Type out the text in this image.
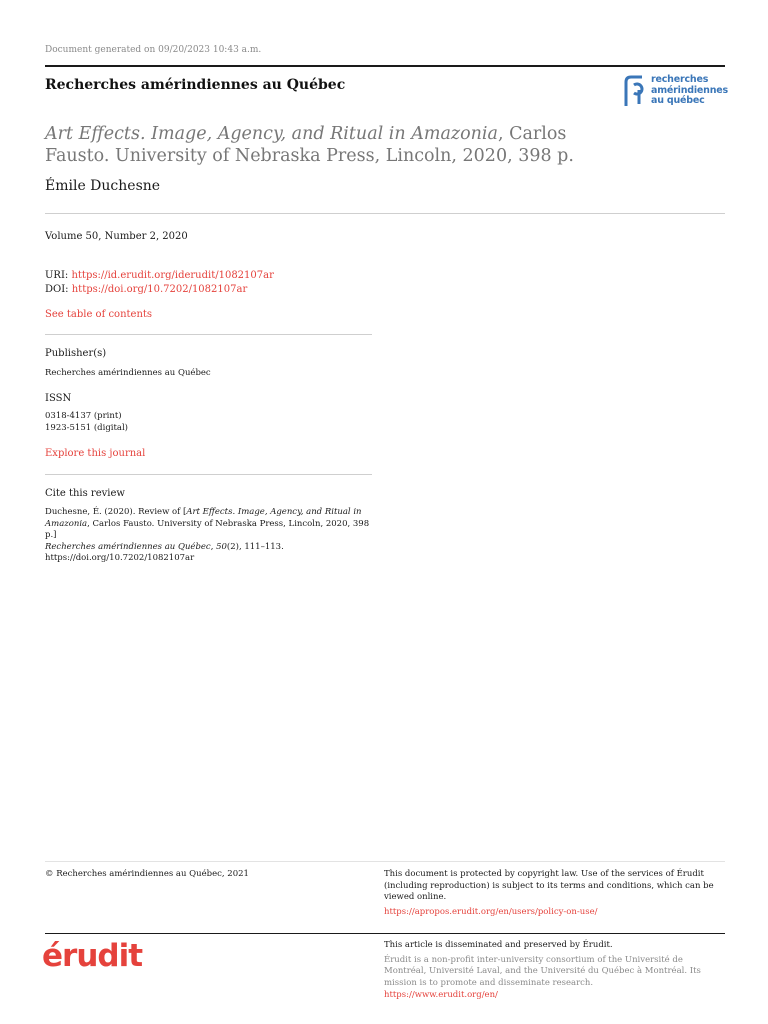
Document generated on 09/20/2023 10:43 a.m.
Recherches amérindiennes au Québec	recherches
amérindiennes
au québec
Art Effects. Image, Agency, and Ritual in Amazonia, Carlos Fausto. University of Nebraska Press, Lincoln, 2020, 398 p.
Émile Duchesne
Volume 50, Number 2, 2020
URI: https://id.erudit.org/iderudit/1082107ar
DOI: https://doi.org/10.7202/1082107ar
See table of contents
Publisher(s)
Recherches amérindiennes au Québec
ISSN
0318-4137 (print)
1923-5151 (digital)
Explore this journal
Cite this review
Duchesne, É. (2020). Review of [Art Effects. Image, Agency, and Ritual in Amazonia, Carlos Fausto. University of Nebraska Press, Lincoln, 2020, 398 p.]
Recherches amérindiennes au Québec, 50(2), 111–113.
https://doi.org/10.7202/1082107ar
© Recherches amérindiennes au Québec, 2021	This document is protected by copyright law. Use of the services of Érudit (including reproduction) is subject to its terms and conditions, which can be viewed online.
https://apropos.erudit.org/en/users/policy-on-use/
érudit	This article is disseminated and preserved by Érudit.
Érudit is a non-profit inter-university consortium of the Université de Montréal, Université Laval, and the Université du Québec à Montréal. Its mission is to promote and disseminate research.
https://www.erudit.org/en/
